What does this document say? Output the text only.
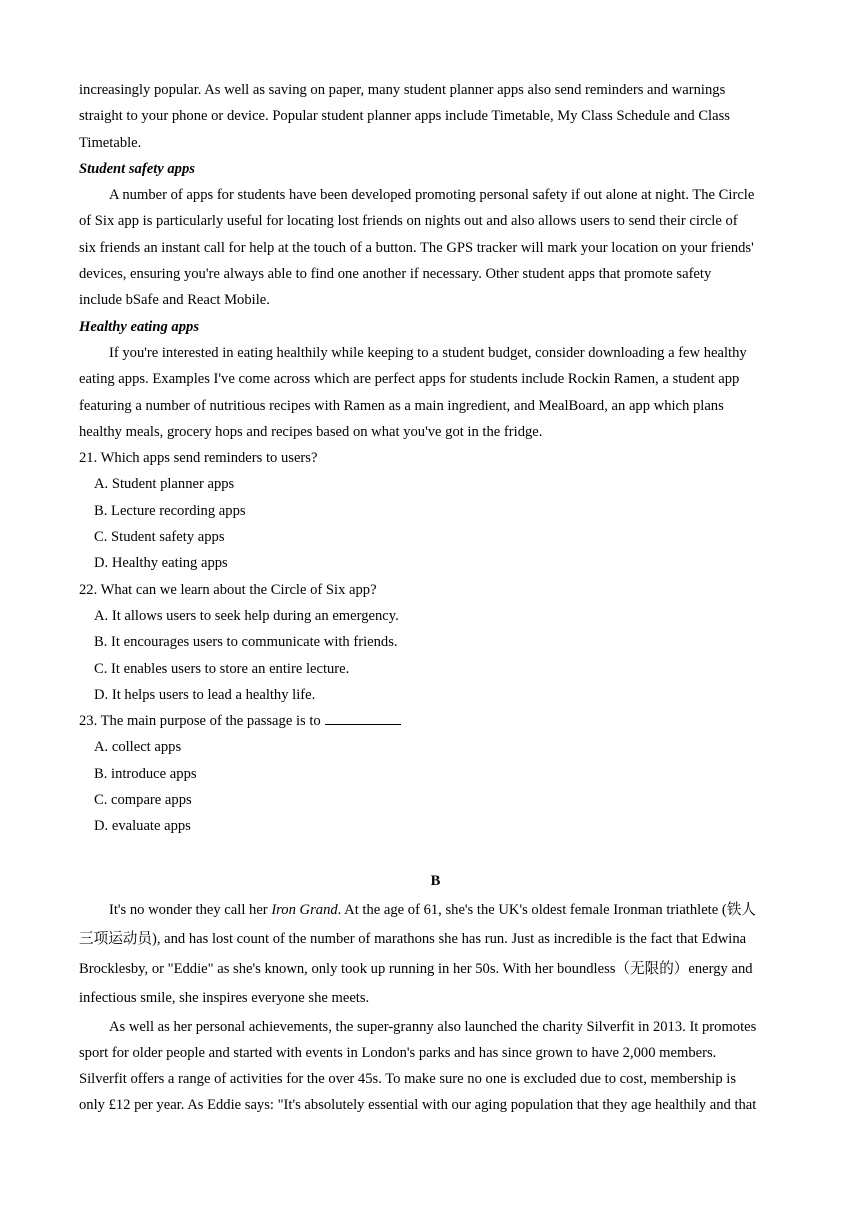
increasingly popular. As well as saving on paper, many student planner apps also send reminders and warnings
straight to your phone or device. Popular student planner apps include Timetable, My Class Schedule and Class
Timetable.
Student safety apps
A number of apps for students have been developed promoting personal safety if out alone at night. The Circle
of Six app is particularly useful for locating lost friends on nights out and also allows users to send their circle of
six friends an instant call for help at the touch of a button. The GPS tracker will mark your location on your friends'
devices, ensuring you're always able to find one another if necessary. Other student apps that promote safety
include bSafe and React Mobile.
Healthy eating apps
If you're interested in eating healthily while keeping to a student budget, consider downloading a few healthy
eating apps. Examples I've come across which are perfect apps for students include Rockin Ramen, a student app
featuring a number of nutritious recipes with Ramen as a main ingredient, and MealBoard, an app which plans
healthy meals, grocery hops and recipes based on what you've got in the fridge.
21. Which apps send reminders to users?
A. Student planner apps
B. Lecture recording apps
C. Student safety apps
D. Healthy eating apps
22. What can we learn about the Circle of Six app?
A. It allows users to seek help during an emergency.
B. It encourages users to communicate with friends.
C. It enables users to store an entire lecture.
D. It helps users to lead a healthy life.
23. The main purpose of the passage is to
A. collect apps
B. introduce apps
C. compare apps
D. evaluate apps
B
It's no wonder they call her Iron Grand. At the age of 61, she's the UK's oldest female Ironman triathlete (铁人
三项运动员), and has lost count of the number of marathons she has run. Just as incredible is the fact that Edwina
Brocklesby, or "Eddie" as she's known, only took up running in her 50s. With her boundless（无限的）energy and
infectious smile, she inspires everyone she meets.
As well as her personal achievements, the super-granny also launched the charity Silverfit in 2013. It promotes
sport for older people and started with events in London's parks and has since grown to have 2,000 members.
Silverfit offers a range of activities for the over 45s. To make sure no one is excluded due to cost, membership is
only £12 per year. As Eddie says: "It's absolutely essential with our aging population that they age healthily and that
